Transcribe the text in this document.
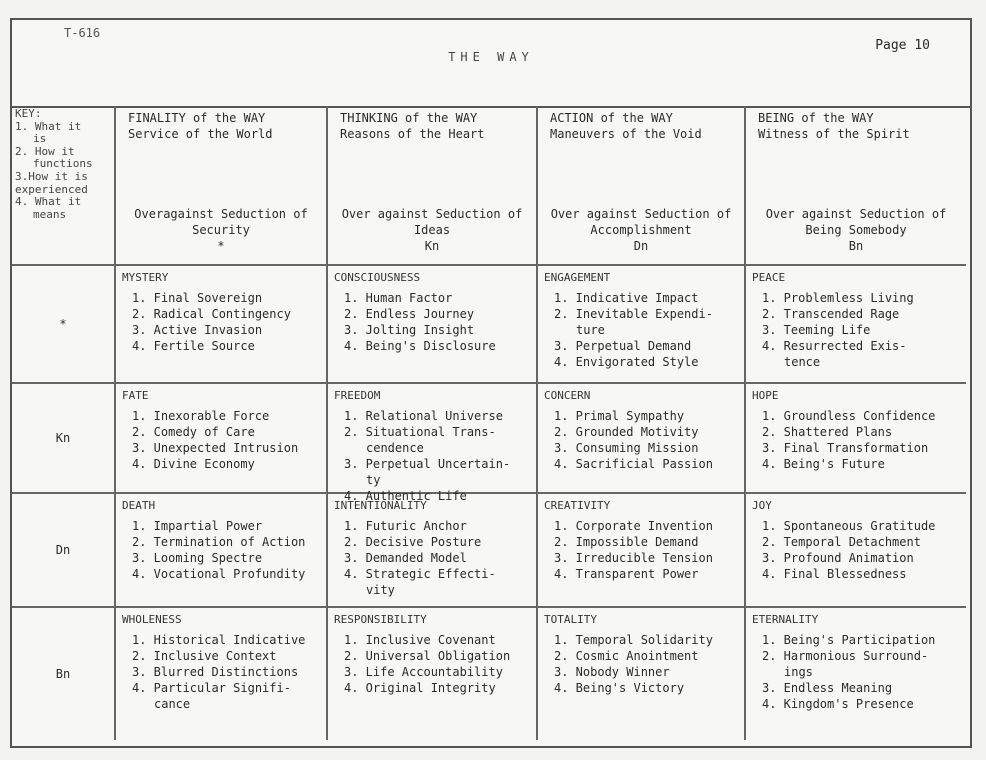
T-616
THE WAY
Page 10
KEY:
1. What it
is
2. How it
functions
3.How it is
experienced
4. What it
means
FINALITY of the WAY
Service of the World
Overagainst Seduction of Security
*
THINKING of the WAY
Reasons of the Heart
Over against Seduction of Ideas
Kn
ACTION of the WAY
Maneuvers of the Void
Over against Seduction of Accomplishment
Dn
BEING of the WAY
Witness of the Spirit
Over against Seduction of Being Somebody
Bn
*
MYSTERY
1. Final Sovereign
2. Radical Contingency
3. Active Invasion
4. Fertile Source
CONSCIOUSNESS
1. Human Factor
2. Endless Journey
3. Jolting Insight
4. Being's Disclosure
ENGAGEMENT
1. Indicative Impact
2. Inevitable Expendi-
ture
3. Perpetual Demand
4. Envigorated Style
PEACE
1. Problemless Living
2. Transcended Rage
3. Teeming Life
4. Resurrected Exis-
tence
Kn
FATE
1. Inexorable Force
2. Comedy of Care
3. Unexpected Intrusion
4. Divine Economy
FREEDOM
1. Relational Universe
2. Situational Trans-
cendence
3. Perpetual Uncertain-
ty
4. Authentic Life
CONCERN
1. Primal Sympathy
2. Grounded Motivity
3. Consuming Mission
4. Sacrificial Passion
HOPE
1. Groundless Confidence
2. Shattered Plans
3. Final Transformation
4. Being's Future
Dn
DEATH
1. Impartial Power
2. Termination of Action
3. Looming Spectre
4. Vocational Profundity
INTENTIONALITY
1. Futuric Anchor
2. Decisive Posture
3. Demanded Model
4. Strategic Effecti-
vity
CREATIVITY
1. Corporate Invention
2. Impossible Demand
3. Irreducible Tension
4. Transparent Power
JOY
1. Spontaneous Gratitude
2. Temporal Detachment
3. Profound Animation
4. Final Blessedness
Bn
WHOLENESS
1. Historical Indicative
2. Inclusive Context
3. Blurred Distinctions
4. Particular Signifi-
cance
RESPONSIBILITY
1. Inclusive Covenant
2. Universal Obligation
3. Life Accountability
4. Original Integrity
TOTALITY
1. Temporal Solidarity
2. Cosmic Anointment
3. Nobody Winner
4. Being's Victory
ETERNALITY
1. Being's Participation
2. Harmonious Surround-
ings
3. Endless Meaning
4. Kingdom's Presence
